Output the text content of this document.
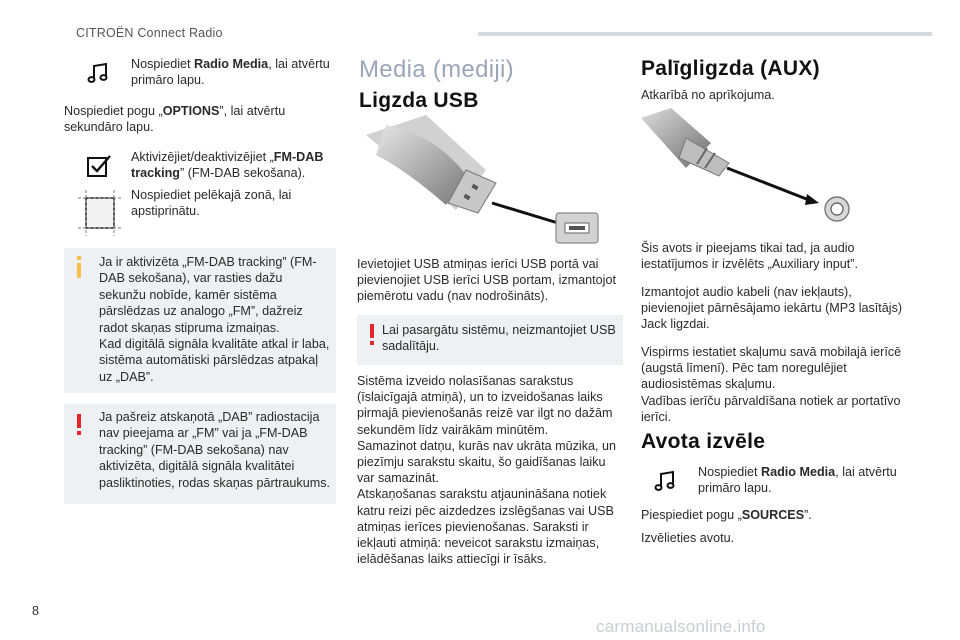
CITROËN Connect Radio
Nospiediet Radio Media, lai atvērtu primāro lapu.
Nospiediet pogu „OPTIONS”, lai atvērtu sekundāro lapu.
Aktivizējiet/deaktivizējiet „FM-DAB tracking” (FM-DAB sekošana).
Nospiediet pelēkajā zonā, lai apstiprinātu.
Ja ir aktivizēta „FM-DAB tracking” (FM-DAB sekošana), var rasties dažu sekunžu nobīde, kamēr sistēma pārslēdzas uz analogo „FM”, dažreiz radot skaņas stipruma izmaiņas.
Kad digitālā signāla kvalitāte atkal ir laba, sistēma automātiski pārslēdzas atpakaļ uz „DAB”.
Ja pašreiz atskaņotā „DAB” radiostacija nav pieejama ar „FM” vai ja „FM-DAB tracking” (FM-DAB sekošana) nav aktivizēta, digitālā signāla kvalitātei pasliktinoties, rodas skaņas pārtraukums.
Media (mediji)
Ligzda USB
Ievietojiet USB atmiņas ierīci USB portā vai pievienojiet USB ierīci USB portam, izmantojot piemērotu vadu (nav nodrošināts).
Lai pasargātu sistēmu, neizmantojiet USB sadalītāju.
Sistēma izveido nolasīšanas sarakstus (īslaicīgajā atmiņā), un to izveidošanas laiks pirmajā pievienošanās reizē var ilgt no dažām sekundēm līdz vairākām minūtēm.
Samazinot datņu, kurās nav ukrāta mūzika, un piezīmju sarakstu skaitu, šo gaidīšanas laiku var samazināt.
Atskaņošanas sarakstu atjaunināšana notiek katru reizi pēc aizdedzes izslēgšanas vai USB atmiņas ierīces pievienošanas. Saraksti ir iekļauti atmiņā: neveicot sarakstu izmaiņas, ielādēšanas laiks attiecīgi ir īsāks.
Palīgligzda (AUX)
Atkarībā no aprīkojuma.
Šis avots ir pieejams tikai tad, ja audio iestatījumos ir izvēlēts „Auxiliary input”.
Izmantojot audio kabeli (nav iekļauts), pievienojiet pārnēsājamo iekārtu (MP3 lasītājs) Jack ligzdai.
Vispirms iestatiet skaļumu savā mobilajā ierīcē (augstā līmenī). Pēc tam noregulējiet audiosistēmas skaļumu.
Vadības ierīču pārvaldīšana notiek ar portatīvo ierīci.
Avota izvēle
Nospiediet Radio Media, lai atvērtu primāro lapu.
Piespiediet pogu „SOURCES”.
Izvēlieties avotu.
8
carmanualsonline.info
